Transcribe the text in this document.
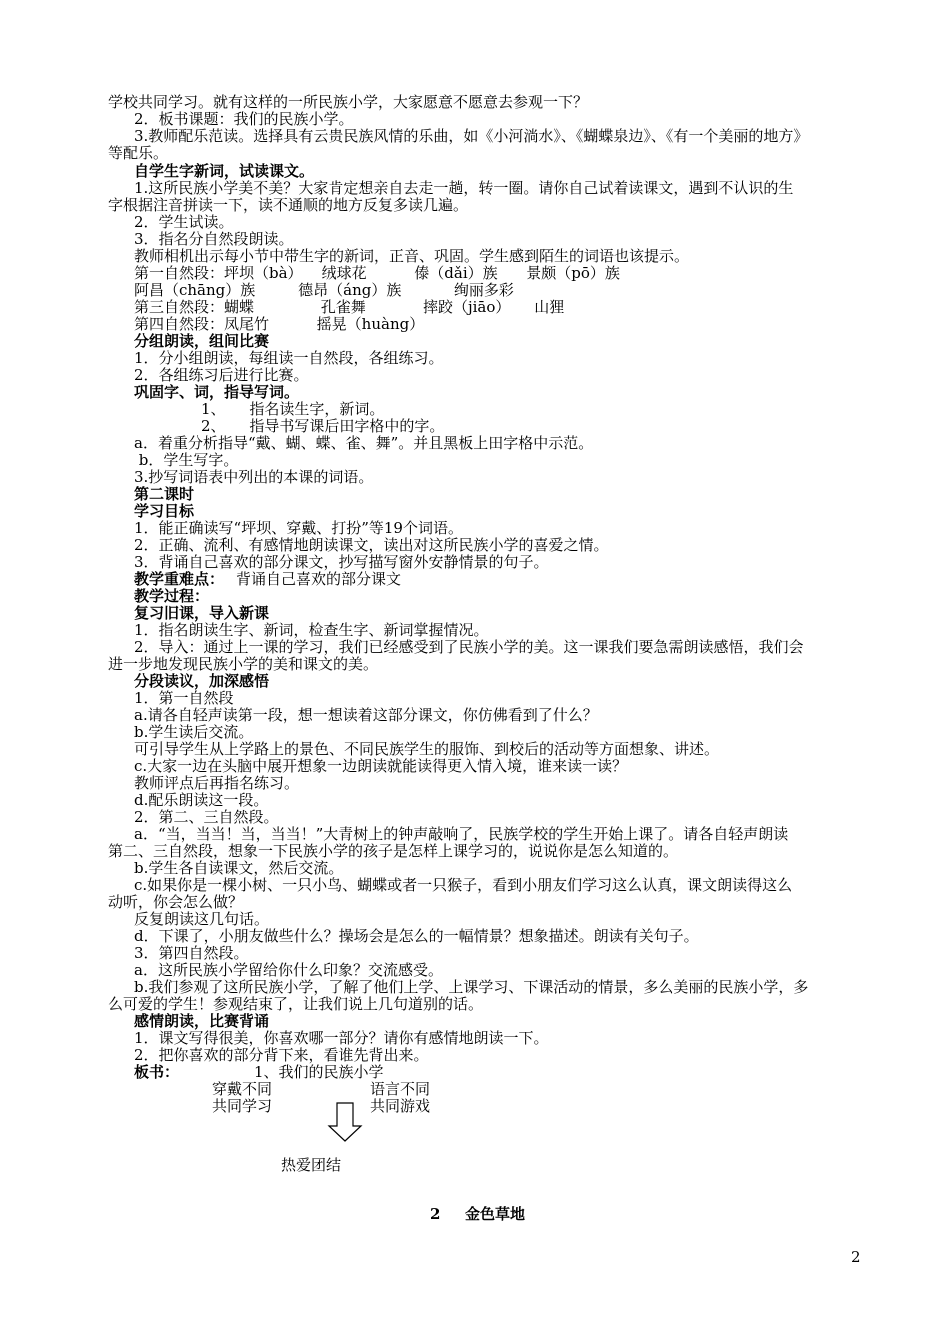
学校共同学习。就有这样的一所民族小学，大家愿意不愿意去参观一下？
2．板书课题：我们的民族小学。
3.教师配乐范读。选择具有云贵民族风情的乐曲，如《小河淌水》、《蝴蝶泉边》、《有一个美丽的地方》
等配乐。
自学生字新词，试读课文。
1.这所民族小学美不美？大家肯定想亲自去走一趟，转一圈。请你自己试着读课文，遇到不认识的生
字根据注音拼读一下，读不通顺的地方反复多读几遍。
2．学生试读。
3．指名分自然段朗读。
教师相机出示每小节中带生字的新词，正音、巩固。学生感到陌生的词语也该提示。
第一自然段：坪坝（bà）    绒球花          傣（dǎi）族      景颇（pō）族
阿昌（chāng）族         德昂（áng）族           绚丽多彩
第三自然段：蝴蝶              孔雀舞            摔跤（jiāo）     山狸
第四自然段：凤尾竹          摇晃（huàng）
分组朗读，组间比赛
1．分小组朗读，每组读一自然段，各组练习。
2．各组练习后进行比赛。
巩固字、词，指导写词。
1、     指名读生字，新词。
2、     指导书写课后田字格中的字。
a．着重分析指导“戴、蝴、蝶、雀、舞”。并且黑板上田字格中示范。
b．学生写字。
3.抄写词语表中列出的本课的词语。
第二课时
学习目标
1．能正确读写“坪坝、穿戴、打扮”等19个词语。
2．正确、流利、有感情地朗读课文，读出对这所民族小学的喜爱之情。
3．背诵自己喜欢的部分课文，抄写描写窗外安静情景的句子。
教学重难点： 背诵自己喜欢的部分课文
教学过程：
复习旧课，导入新课
1．指名朗读生字、新词，检查生字、新词掌握情况。
2．导入：通过上一课的学习，我们已经感受到了民族小学的美。这一课我们要急需朗读感悟，我们会
进一步地发现民族小学的美和课文的美。
分段读议，加深感悟
1．第一自然段
a.请各自轻声读第一段，想一想读着这部分课文，你仿佛看到了什么？
b.学生读后交流。
可引导学生从上学路上的景色、不同民族学生的服饰、到校后的活动等方面想象、讲述。
c.大家一边在头脑中展开想象一边朗读就能读得更入情入境，谁来读一读？
教师评点后再指名练习。
d.配乐朗读这一段。
2．第二、三自然段。
a．“当，当当！当，当当！”大青树上的钟声敲响了，民族学校的学生开始上课了。请各自轻声朗读
第二、三自然段，想象一下民族小学的孩子是怎样上课学习的，说说你是怎么知道的。
b.学生各自读课文，然后交流。
c.如果你是一棵小树、一只小鸟、蝴蝶或者一只猴子，看到小朋友们学习这么认真，课文朗读得这么
动听，你会怎么做？
反复朗读这几句话。
d．下课了，小朋友做些什么？操场会是怎么的一幅情景？想象描述。朗读有关句子。
3．第四自然段。
a．这所民族小学留给你什么印象？交流感受。
b.我们参观了这所民族小学，了解了他们上学、上课学习、下课活动的情景，多么美丽的民族小学，多
么可爱的学生！参观结束了，让我们说上几句道别的话。
感情朗读，比赛背诵
1．课文写得很美，你喜欢哪一部分？请你有感情地朗读一下。
2．把你喜欢的部分背下来，看谁先背出来。
板书：	1、我们的民族小学
穿戴不同	语言不同
共同学习	共同游戏
热爱团结
2 金色草地
2
